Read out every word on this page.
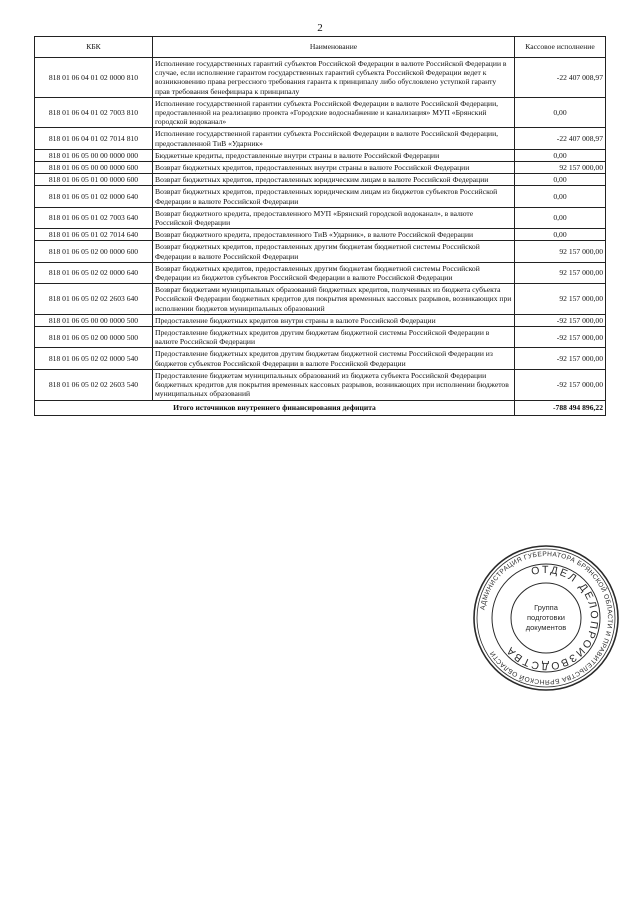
2
КБК	Наименование	Кассовое исполнение
818 01 06 04 01 02 0000 810	Исполнение государственных гарантий субъектов Российской Федерации в валюте Российской Федерации в случае, если исполнение гарантом государственных гарантий субъекта Российской Федерации ведет к возникновению права регрессного требования гаранта к принципалу либо обусловлено уступкой гаранту прав требования бенефициара к принципалу	-22 407 008,97
818 01 06 04 01 02 7003 810	Исполнение государственной гарантии субъекта Российской Федерации в валюте Российской Федерации, предоставленной на реализацию проекта «Городские водоснабжение и канализация» МУП «Брянский городской водоканал»	0,00
818 01 06 04 01 02 7014 810	Исполнение государственной гарантии субъекта Российской Федерации в валюте Российской Федерации, предоставленной ТиВ «Ударник»	-22 407 008,97
818 01 06 05 00 00 0000 000	Бюджетные кредиты, предоставленные внутри страны в валюте Российской Федерации	0,00
818 01 06 05 00 00 0000 600	Возврат бюджетных кредитов, предоставленных внутри страны в валюте Российской Федерации	92 157 000,00
818 01 06 05 01 00 0000 600	Возврат бюджетных кредитов, предоставленных юридическим лицам в валюте Российской Федерации	0,00
818 01 06 05 01 02 0000 640	Возврат бюджетных кредитов, предоставленных юридическим лицам из бюджетов субъектов Российской Федерации в валюте Российской Федерации	0,00
818 01 06 05 01 02 7003 640	Возврат бюджетного кредита, предоставленного МУП «Брянский городской водоканал», в валюте Российской Федерации	0,00
818 01 06 05 01 02 7014 640	Возврат бюджетного кредита, предоставленного ТиВ «Ударник», в валюте Российской Федерации	0,00
818 01 06 05 02 00 0000 600	Возврат бюджетных кредитов, предоставленных другим бюджетам бюджетной системы Российской Федерации в валюте Российской Федерации	92 157 000,00
818 01 06 05 02 02 0000 640	Возврат бюджетных кредитов, предоставленных другим бюджетам бюджетной системы Российской Федерации из бюджетов субъектов Российской Федерации в валюте Российской Федерации	92 157 000,00
818 01 06 05 02 02 2603 640	Возврат бюджетами муниципальных образований бюджетных кредитов, полученных из бюджета субъекта Российской Федерации бюджетных кредитов для покрытия временных кассовых разрывов, возникающих при исполнении бюджетов муниципальных образований	92 157 000,00
818 01 06 05 00 00 0000 500	Предоставление бюджетных кредитов внутри страны в валюте Российской Федерации	-92 157 000,00
818 01 06 05 02 00 0000 500	Предоставление бюджетных кредитов другим бюджетам бюджетной системы Российской Федерации в валюте Российской Федерации	-92 157 000,00
818 01 06 05 02 02 0000 540	Предоставление бюджетных кредитов другим бюджетам бюджетной системы Российской Федерации из бюджетов субъектов Российской Федерации в валюте Российской Федерации	-92 157 000,00
818 01 06 05 02 02 2603 540	Предоставление бюджетам муниципальных образований из бюджета субъекта Российской Федерации бюджетных кредитов для покрытия временных кассовых разрывов, возникающих при исполнении бюджетов муниципальных образований	-92 157 000,00
Итого источников внутреннего финансирования дефицита		-788 494 896,22
АДМИНИСТРАЦИЯ ГУБЕРНАТОРА БРЯНСКОЙ ОБЛАСТИ И ПРАВИТЕЛЬСТВА БРЯНСКОЙ ОБЛАСТИ
ОТДЕЛ ДЕЛОПРОИЗВОДСТВА
Группа
подготовки
документов
